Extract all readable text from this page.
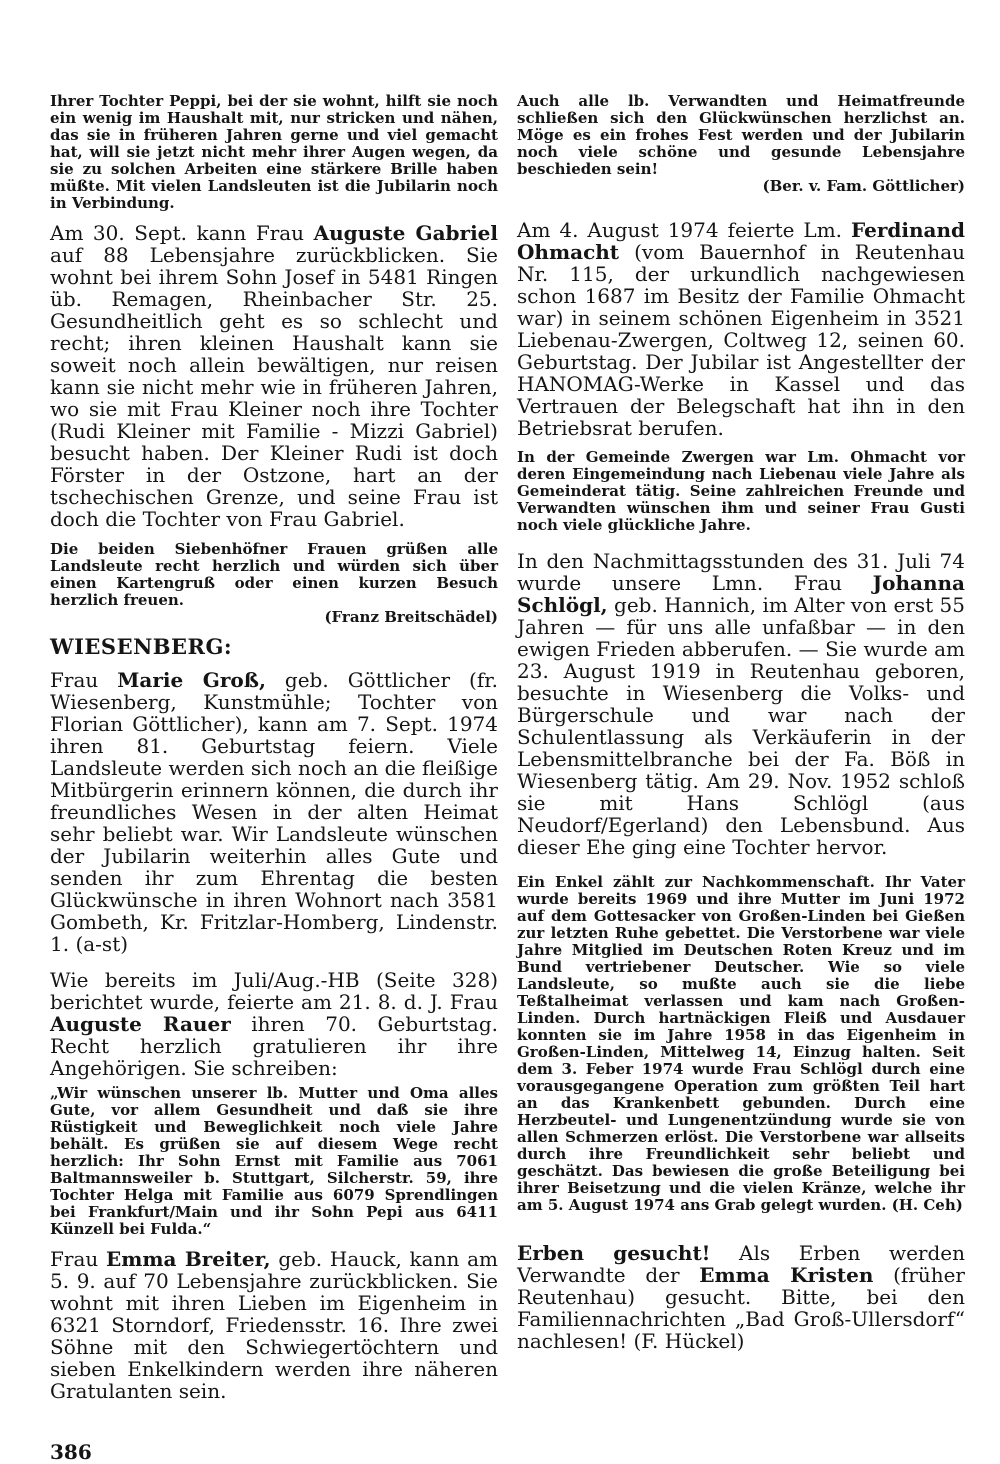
Ihrer Tochter Peppi, bei der sie wohnt, hilft sie noch ein wenig im Haushalt mit, nur stricken und nähen, das sie in früheren Jahren gerne und viel gemacht hat, will sie jetzt nicht mehr ihrer Augen wegen, da sie zu solchen Arbeiten eine stärkere Brille haben müßte. Mit vielen Landsleuten ist die Jubilarin noch in Verbindung.

Am 30. Sept. kann Frau Auguste Gabriel auf 88 Lebensjahre zurückblicken. Sie wohnt bei ihrem Sohn Josef in 5481 Ringen üb. Remagen, Rheinbacher Str. 25. Gesundheitlich geht es so schlecht und recht; ihren kleinen Haushalt kann sie soweit noch allein bewältigen, nur reisen kann sie nicht mehr wie in früheren Jahren, wo sie mit Frau Kleiner noch ihre Tochter (Rudi Kleiner mit Familie - Mizzi Gabriel) besucht haben. Der Kleiner Rudi ist doch Förster in der Ostzone, hart an der tschechischen Grenze, und seine Frau ist doch die Tochter von Frau Gabriel.

Die beiden Siebenhöfner Frauen grüßen alle Landsleute recht herzlich und würden sich über einen Kartengruß oder einen kurzen Besuch herzlich freuen.

(Franz Breitschädel)

WIESENBERG:

Frau Marie Groß, geb. Göttlicher (fr. Wiesenberg, Kunstmühle; Tochter von Florian Göttlicher), kann am 7. Sept. 1974 ihren 81. Geburtstag feiern. Viele Landsleute werden sich noch an die fleißige Mitbürgerin erinnern können, die durch ihr freundliches Wesen in der alten Heimat sehr beliebt war. Wir Landsleute wünschen der Jubilarin weiterhin alles Gute und senden ihr zum Ehrentag die besten Glückwünsche in ihren Wohnort nach 3581 Gombeth, Kr. Fritzlar-Homberg, Lindenstr. 1. (a-st)

Wie bereits im Juli/Aug.-HB (Seite 328) berichtet wurde, feierte am 21. 8. d. J. Frau Auguste Rauer ihren 70. Geburtstag. Recht herzlich gratulieren ihr ihre Angehörigen. Sie schreiben:

„Wir wünschen unserer lb. Mutter und Oma alles Gute, vor allem Gesundheit und daß sie ihre Rüstigkeit und Beweglichkeit noch viele Jahre behält. Es grüßen sie auf diesem Wege recht herzlich: Ihr Sohn Ernst mit Familie aus 7061 Baltmannsweiler b. Stuttgart, Silcherstr. 59, ihre Tochter Helga mit Familie aus 6079 Sprendlingen bei Frankfurt/Main und ihr Sohn Pepi aus 6411 Künzell bei Fulda.“

Frau Emma Breiter, geb. Hauck, kann am 5. 9. auf 70 Lebensjahre zurückblicken. Sie wohnt mit ihren Lieben im Eigenheim in 6321 Storndorf, Friedensstr. 16. Ihre zwei Söhne mit den Schwiegertöchtern und sieben Enkelkindern werden ihre näheren Gratulanten sein.

386

Auch alle lb. Verwandten und Heimatfreunde schließen sich den Glückwünschen herzlichst an. Möge es ein frohes Fest werden und der Jubilarin noch viele schöne und gesunde Lebensjahre beschieden sein!

(Ber. v. Fam. Göttlicher)

Am 4. August 1974 feierte Lm. Ferdinand Ohmacht (vom Bauernhof in Reutenhau Nr. 115, der urkundlich nachgewiesen schon 1687 im Besitz der Familie Ohmacht war) in seinem schönen Eigenheim in 3521 Liebenau-Zwergen, Coltweg 12, seinen 60. Geburtstag. Der Jubilar ist Angestellter der HANOMAG-Werke in Kassel und das Vertrauen der Belegschaft hat ihn in den Betriebsrat berufen.

In der Gemeinde Zwergen war Lm. Ohmacht vor deren Eingemeindung nach Liebenau viele Jahre als Gemeinderat tätig. Seine zahlreichen Freunde und Verwandten wünschen ihm und seiner Frau Gusti noch viele glückliche Jahre.

In den Nachmittagsstunden des 31. Juli 74 wurde unsere Lmn. Frau Johanna Schlögl, geb. Hannich, im Alter von erst 55 Jahren — für uns alle unfaßbar — in den ewigen Frieden abberufen. — Sie wurde am 23. August 1919 in Reutenhau geboren, besuchte in Wiesenberg die Volks- und Bürgerschule und war nach der Schulentlassung als Verkäuferin in der Lebensmittelbranche bei der Fa. Böß in Wiesenberg tätig. Am 29. Nov. 1952 schloß sie mit Hans Schlögl (aus Neudorf/Egerland) den Lebensbund. Aus dieser Ehe ging eine Tochter hervor.

Ein Enkel zählt zur Nachkommenschaft. Ihr Vater wurde bereits 1969 und ihre Mutter im Juni 1972 auf dem Gottesacker von Großen-Linden bei Gießen zur letzten Ruhe gebettet. Die Verstorbene war viele Jahre Mitglied im Deutschen Roten Kreuz und im Bund vertriebener Deutscher. Wie so viele Landsleute, so mußte auch sie die liebe Teßtalheimat verlassen und kam nach Großen-Linden. Durch hartnäckigen Fleiß und Ausdauer konnten sie im Jahre 1958 in das Eigenheim in Großen-Linden, Mittelweg 14, Einzug halten. Seit dem 3. Feber 1974 wurde Frau Schlögl durch eine vorausgegangene Operation zum größten Teil hart an das Krankenbett gebunden. Durch eine Herzbeutel- und Lungenentzündung wurde sie von allen Schmerzen erlöst. Die Verstorbene war allseits durch ihre Freundlichkeit sehr beliebt und geschätzt. Das bewiesen die große Beteiligung bei ihrer Beisetzung und die vielen Kränze, welche ihr am 5. August 1974 ans Grab gelegt wurden. (H. Ceh)

Erben gesucht! Als Erben werden Verwandte der Emma Kristen (früher Reutenhau) gesucht. Bitte, bei den Familiennachrichten „Bad Groß-Ullersdorf“ nachlesen! (F. Hückel)
